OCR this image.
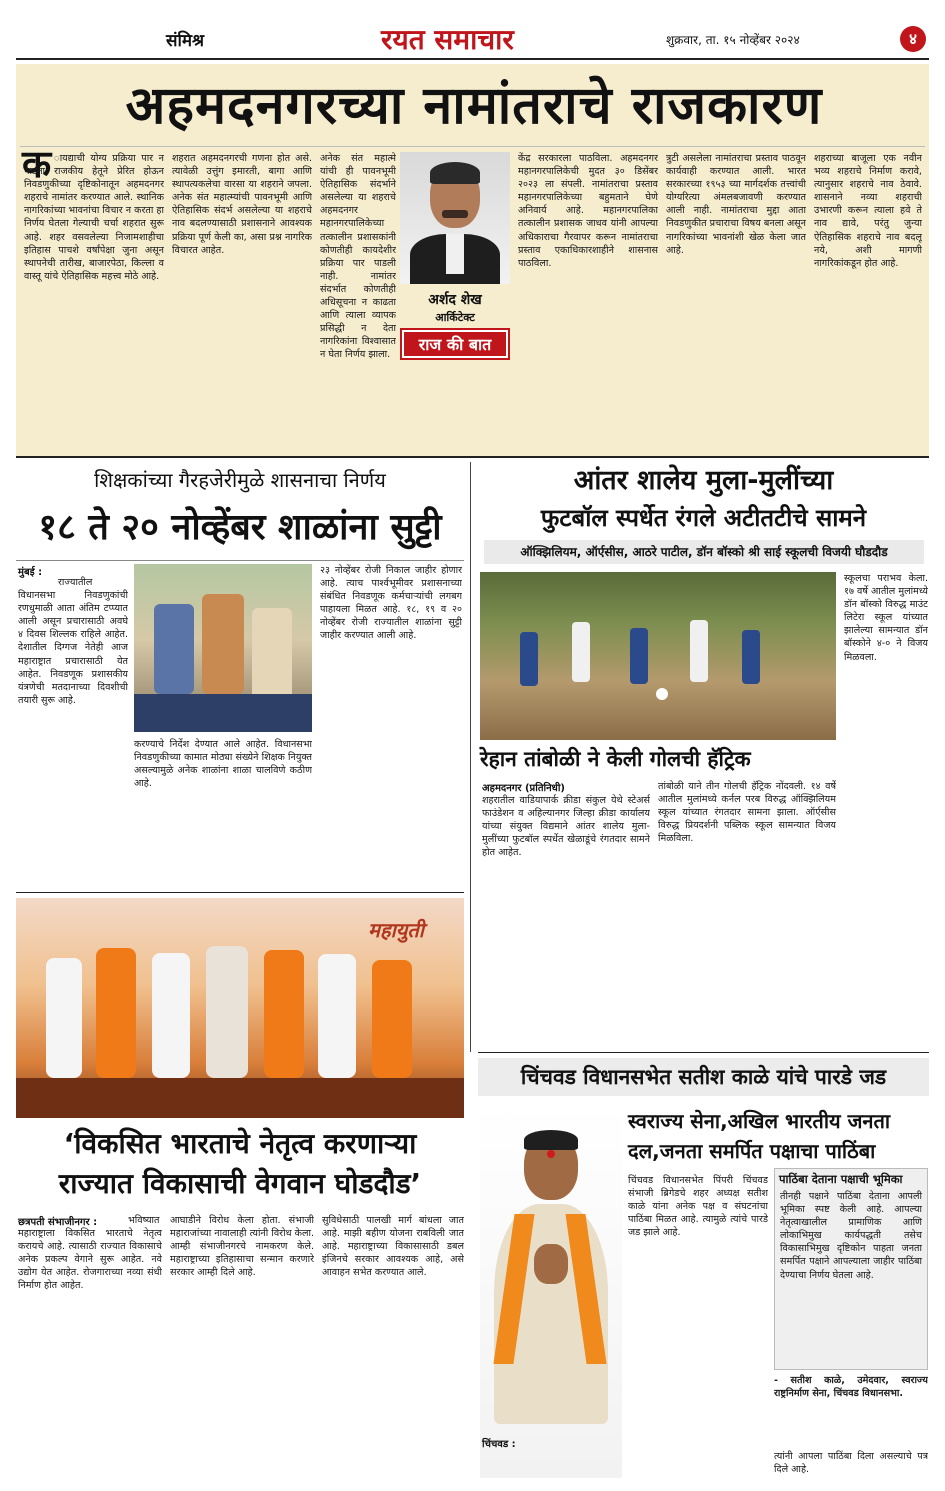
संमिश्र	रयत समाचार	शुक्रवार, ता. १५ नोव्हेंबर २०२४	४
अहमदनगरच्या नामांतराचे राजकारण
क ायद्याची योग्य प्रक्रिया पार न पाडता राजकीय हेतूने प्रेरित होऊन निवडणुकीच्या दृष्टिकोनातून अहमदनगर शहराचे नामांतर करण्यात आले. स्थानिक नागरिकांच्या भावनांचा विचार न करता हा निर्णय घेतला गेल्याची चर्चा शहरात सुरू आहे. शहर वसवलेल्या निजामशाहीचा इतिहास पाचशे वर्षांपेक्षा जुना असून स्थापनेची तारीख, बाजारपेठा, किल्ला व वास्तू यांचे ऐतिहासिक महत्त्व मोठे आहे.
शहरात अहमदनगरची गणना होत असे. त्यावेळी उत्तुंग इमारती, बागा आणि स्थापत्यकलेचा वारसा या शहराने जपला. अनेक संत महात्म्यांची पावनभूमी आणि ऐतिहासिक संदर्भ असलेल्या या शहराचे नाव बदलण्यासाठी प्रशासनाने आवश्यक प्रक्रिया पूर्ण केली का, असा प्रश्न नागरिक विचारत आहेत.
अनेक संत महात्मे यांची ही पावनभूमी ऐतिहासिक संदर्भाने असलेल्या या शहराचे अहमदनगर महानगरपालिकेच्या तत्कालीन प्रशासकांनी कोणतीही कायदेशीर प्रक्रिया पार पाडली नाही. नामांतर संदर्भात कोणतीही अधिसूचना न काढता आणि त्याला व्यापक प्रसिद्धी न देता नागरिकांना विश्वासात न घेता निर्णय झाला.
अर्शद शेख
आर्किटेक्ट
राज की बात
केंद्र सरकारला पाठविला. अहमदनगर महानगरपालिकेची मुदत ३० डिसेंबर २०२३ ला संपली. नामांतराचा प्रस्ताव महानगरपालिकेच्या बहुमताने घेणे अनिवार्य आहे. महानगरपालिका तत्कालीन प्रशासक जाधव यांनी आपल्या अधिकाराचा गैरवापर करून नामांतराचा प्रस्ताव एकाधिकारशाहीने शासनास पाठविला.
त्रुटी असलेला नामांतराचा प्रस्ताव पाठवून कार्यवाही करण्यात आली. भारत सरकारच्या १९५३ च्या मार्गदर्शक तत्त्वांची योग्यरित्या अंमलबजावणी करण्यात आली नाही. नामांतराचा मुद्दा आता निवडणुकीत प्रचाराचा विषय बनला असून नागरिकांच्या भावनांशी खेळ केला जात आहे.
शहराच्या बाजूला एक नवीन भव्य शहराचे निर्माण करावे, त्यानुसार शहराचे नाव ठेवावे. शासनाने नव्या शहराची उभारणी करून त्याला हवे ते नाव द्यावे, परंतु जुन्या ऐतिहासिक शहराचे नाव बदलू नये, अशी मागणी नागरिकांकडून होत आहे.
शिक्षकांच्या गैरहजेरीमुळे शासनाचा निर्णय
१८ ते २० नोव्हेंबर शाळांना सुट्टी
मुंबई :
राज्यातील विधानसभा निवडणुकांची रणधुमाळी आता अंतिम टप्प्यात आली असून प्रचारासाठी अवघे ४ दिवस शिल्लक राहिले आहेत. देशातील दिग्गज नेतेही आज महाराष्ट्रात प्रचारासाठी येत आहेत. निवडणूक प्रशासकीय यंत्रणेची मतदानाच्या दिवशीची तयारी सुरू आहे.
करण्याचे निर्देश देण्यात आले आहेत. विधानसभा निवडणुकीच्या कामात मोठ्या संख्येने शिक्षक नियुक्त असल्यामुळे अनेक शाळांना शाळा चालविणे कठीण आहे.
२३ नोव्हेंबर रोजी निकाल जाहीर होणार आहे. त्याच पार्श्वभूमीवर प्रशासनाच्या संबंधित निवडणूक कर्मचाऱ्यांची लगबग पाहायला मिळत आहे. १८, १९ व २० नोव्हेंबर रोजी राज्यातील शाळांना सुट्टी जाहीर करण्यात आली आहे.
महायुती
‘विकसित भारताचे नेतृत्व करणाऱ्या
राज्यात विकासाची वेगवान घोडदौड’
छत्रपती संभाजीनगर :	भविष्यात महाराष्ट्राला विकसित भारताचे नेतृत्व करायचे आहे. त्यासाठी राज्यात विकासाचे अनेक प्रकल्प वेगाने सुरू आहेत. नवे उद्योग येत आहेत. रोजगाराच्या नव्या संधी निर्माण होत आहेत.
आघाडीने विरोध केला होता. संभाजी महाराजांच्या नावालाही त्यांनी विरोध केला. आम्ही संभाजीनगरचे नामकरण केले. महाराष्ट्राच्या इतिहासाचा सन्मान करणारे सरकार आम्ही दिले आहे.
सुविधेसाठी पालखी मार्ग बांधला जात आहे. माझी बहीण योजना राबविली जात आहे. महाराष्ट्राच्या विकासासाठी डबल इंजिनचे सरकार आवश्यक आहे, असे आवाहन सभेत करण्यात आले.
आंतर शालेय मुला-मुलींच्या
फुटबॉल स्पर्धेत रंगले अटीतटीचे सामने
ऑक्झिलियम, ऑर्एसीस, आठरे पाटील, डॉन बॉस्को श्री साई स्कूलची विजयी घौडदौड
रेहान तांबोळी ने केली गोलची हॅट्रिक
स्कूलचा पराभव केला. १७ वर्षे आतील मुलांमध्ये डॉन बॉस्को विरुद्ध माउंट लिटेरा स्कूल यांच्यात झालेल्या सामन्यात डॉन बॉस्कोने ४-० ने विजय मिळवला.
अहमदनगर (प्रतिनिधी)
शहरातील वाडियापार्क क्रीडा संकुल येथे स्टेअर्स फाउंडेशन व अहिल्यानगर जिल्हा क्रीडा कार्यालय यांच्या संयुक्त विद्यमाने आंतर शालेय मुला-मुलींच्या फुटबॉल स्पर्धेत खेळाडूंचे रंगतदार सामने होत आहेत.
तांबोळी याने तीन गोलची हॅट्रिक नोंदवली. १४ वर्षे आतील मुलांमध्ये कर्नल परब विरुद्ध ऑक्झिलियम स्कूल यांच्यात रंगतदार सामना झाला. ऑर्एसीस विरुद्ध प्रियदर्शनी पब्लिक स्कूल सामन्यात विजय मिळविला.
चिंचवड विधानसभेत सतीश काळे यांचे पारडे जड
चिंचवड :
स्वराज्य सेना,अखिल भारतीय जनता
दल,जनता समर्पित पक्षाचा पाठिंबा
चिंचवड विधानसभेत पिंपरी चिंचवड संभाजी ब्रिगेडचे शहर अध्यक्ष सतीश काळे यांना अनेक पक्ष व संघटनांचा पाठिंबा मिळत आहे. त्यामुळे त्यांचे पारडे जड झाले आहे.
पाठिंबा देताना पक्षाची भूमिका
तीनही पक्षाने पाठिंबा देताना आपली भूमिका स्पष्ट केली आहे. आपल्या नेतृत्वाखालील प्रामाणिक आणि लोकाभिमुख कार्यपद्धती तसेच विकासाभिमुख दृष्टिकोन पाहता जनता समर्पित पक्षाने आपल्याला जाहीर पाठिंबा देण्याचा निर्णय घेतला आहे.
- सतीश काळे, उमेदवार, स्वराज्य राष्ट्रनिर्माण सेना, चिंचवड विधानसभा.
त्यांनी आपला पाठिंबा दिला असल्याचे पत्र दिले आहे.
